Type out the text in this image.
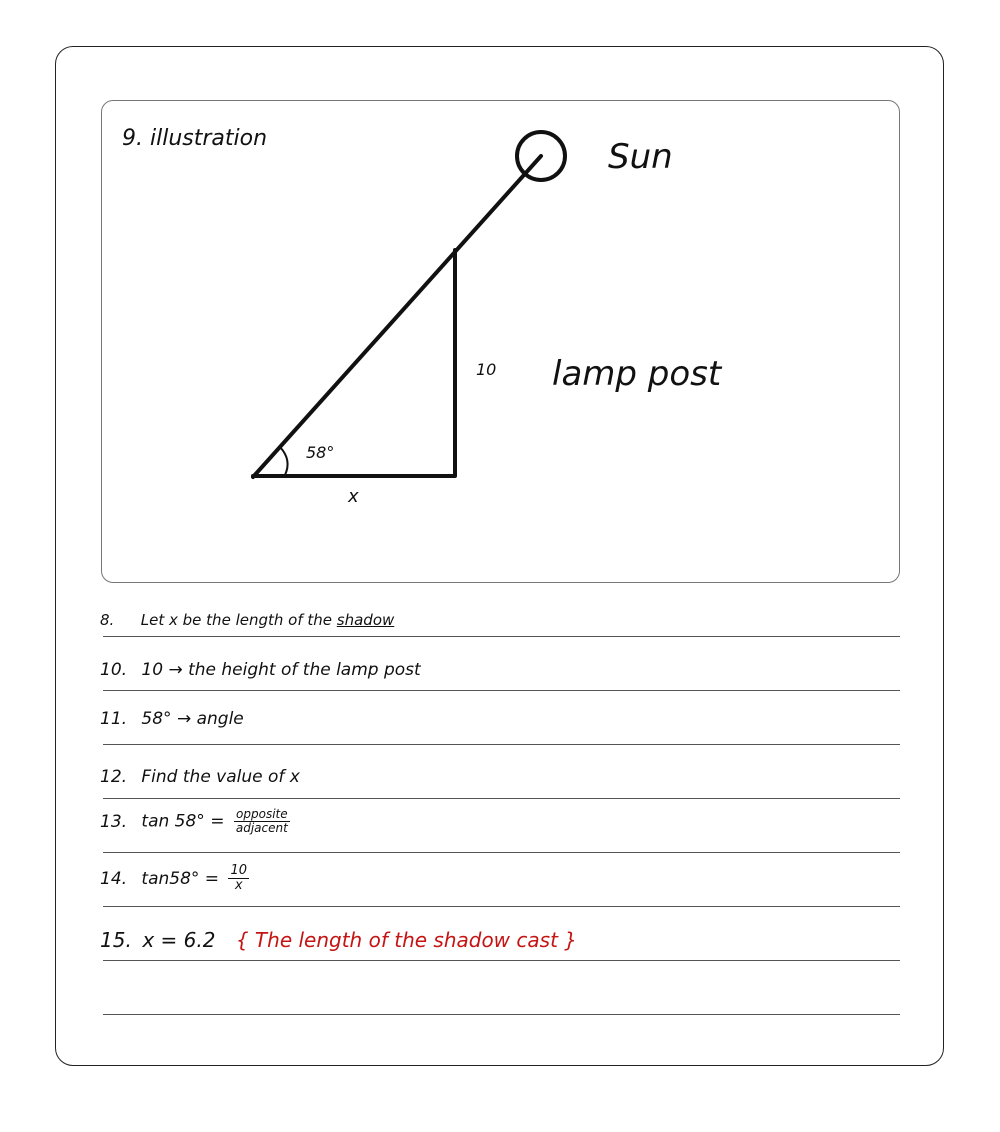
9. illustration	Sun
58°
x
10 lamp post
8. Let x be the length of the shadow
10. 10 → the height of the lamp post
11. 58° → angle
12. Find the value of x
13. $\tan 58^\circ = \frac{\text{opposite}}{\text{adjacent}}$
14. $\tan 58^\circ = \frac{10}{x}$
15. x = 6.2 { The length of the shadow cast }
